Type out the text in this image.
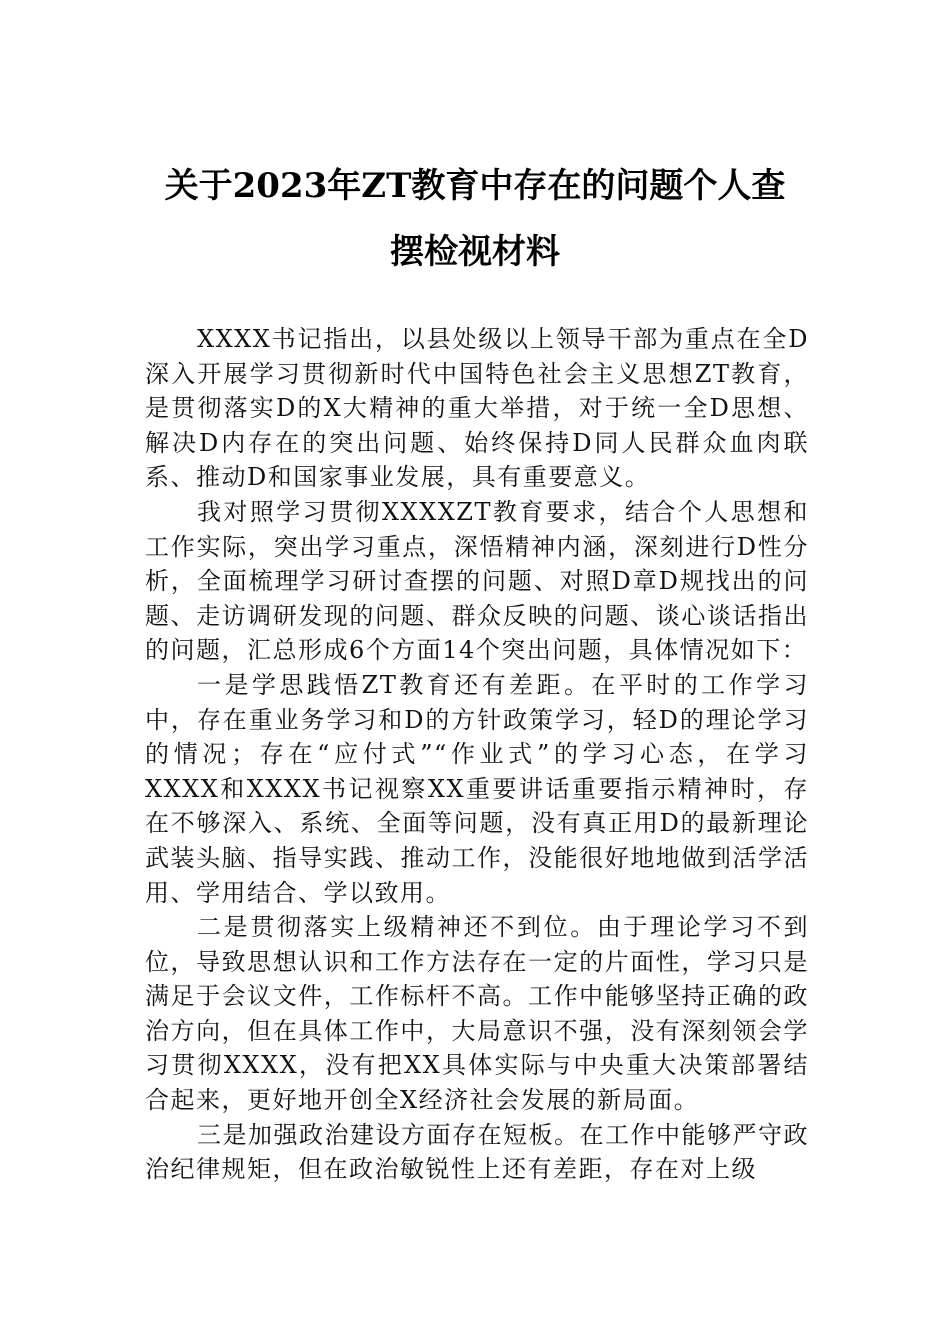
关于2023年ZT教育中存在的问题个人查
摆检视材料

XXXX书记指出，以县处级以上领导干部为重点在全D深入开展学习贯彻新时代中国特色社会主义思想ZT教育，是贯彻落实D的X大精神的重大举措，对于统一全D思想、解决D内存在的突出问题、始终保持D同人民群众血肉联系、推动D和国家事业发展，具有重要意义。

我对照学习贯彻XXXXZT教育要求，结合个人思想和工作实际，突出学习重点，深悟精神内涵，深刻进行D性分析，全面梳理学习研讨查摆的问题、对照D章D规找出的问题、走访调研发现的问题、群众反映的问题、谈心谈话指出的问题，汇总形成6个方面14个突出问题，具体情况如下：

一是学思践悟ZT教育还有差距。在平时的工作学习中，存在重业务学习和D的方针政策学习，轻D的理论学习的情况；存在“应付式”“作业式”的学习心态，在学习XXXX和XXXX书记视察XX重要讲话重要指示精神时，存在不够深入、系统、全面等问题，没有真正用D的最新理论武装头脑、指导实践、推动工作，没能很好地地做到活学活用、学用结合、学以致用。

二是贯彻落实上级精神还不到位。由于理论学习不到位，导致思想认识和工作方法存在一定的片面性，学习只是满足于会议文件，工作标杆不高。工作中能够坚持正确的政治方向，但在具体工作中，大局意识不强，没有深刻领会学习贯彻XXXX，没有把XX具体实际与中央重大决策部署结合起来，更好地开创全X经济社会发展的新局面。

三是加强政治建设方面存在短板。在工作中能够严守政治纪律规矩，但在政治敏锐性上还有差距，存在对上级
